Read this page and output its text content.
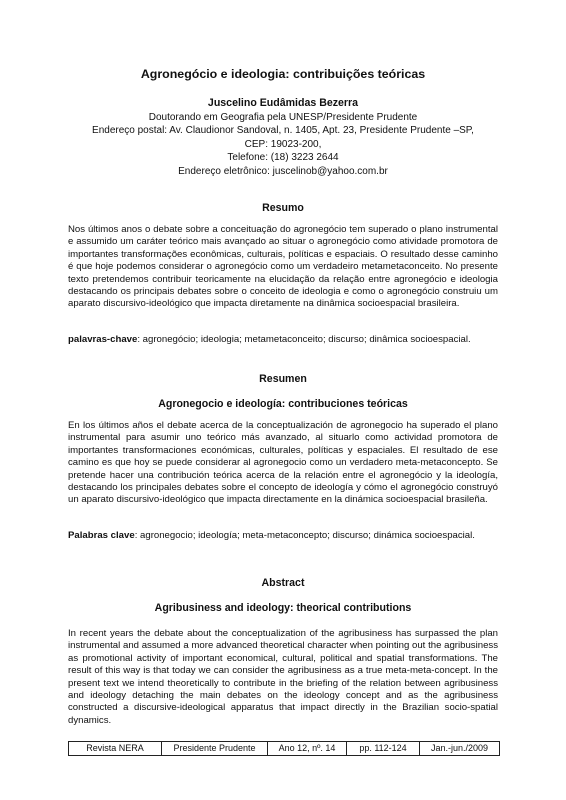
Agronegócio e ideologia: contribuições teóricas
Juscelino Eudâmidas Bezerra
Doutorando em Geografia pela UNESP/Presidente Prudente
Endereço postal: Av. Claudionor Sandoval, n. 1405, Apt. 23, Presidente Prudente –SP,
CEP: 19023-200,
Telefone: (18) 3223 2644
Endereço eletrônico: juscelinob@yahoo.com.br
Resumo

Nos últimos anos o debate sobre a conceituação do agronegócio tem superado o plano instrumental e assumido um caráter teórico mais avançado ao situar o agronegócio como atividade promotora de importantes transformações econômicas, culturais, políticas e espaciais. O resultado desse caminho é que hoje podemos considerar o agronegócio como um verdadeiro metametaconceito. No presente texto pretendemos contribuir teoricamente na elucidação da relação entre agronegócio e ideologia destacando os principais debates sobre o conceito de ideologia e como o agronegócio construiu um aparato discursivo-ideológico que impacta diretamente na dinâmica socioespacial brasileira.

palavras-chave: agronegócio; ideologia; metametaconceito; discurso; dinâmica socioespacial.
Resumen
Agronegocio e ideología: contribuciones teóricas

En los últimos años el debate acerca de la conceptualización de agronegocio ha superado el plano instrumental para asumir uno teórico más avanzado, al situarlo como actividad promotora de importantes transformaciones económicas, culturales, políticas y espaciales. El resultado de ese camino es que hoy se puede considerar al agronegocio como un verdadero meta-metaconcepto. Se pretende hacer una contribución teórica acerca de la relación entre el agronegócio y la ideología, destacando los principales debates sobre el concepto de ideología y cómo el agronegócio construyó un aparato discursivo-ideológico que impacta directamente en la dinámica socioespacial brasileña.

Palabras clave: agronegocio; ideología; meta-metaconcepto; discurso; dinámica socioespacial.
Abstract
Agribusiness and ideology: theorical contributions

In recent years the debate about the conceptualization of the agribusiness has surpassed the plan instrumental and assumed a more advanced theoretical character when pointing out the agribusiness as promotional activity of important economical, cultural, political and spatial transformations. The result of this way is that today we can consider the agribusiness as a true meta-meta-concept. In the present text we intend theoretically to contribute in the briefing of the relation between agribusiness and ideology detaching the main debates on the ideology concept and as the agribusiness constructed a discursive-ideological apparatus that impact directly in the Brazilian socio-spatial dynamics.

Revista NERA	Presidente Prudente	Ano 12, nº. 14	pp. 112-124	Jan.-jun./2009
